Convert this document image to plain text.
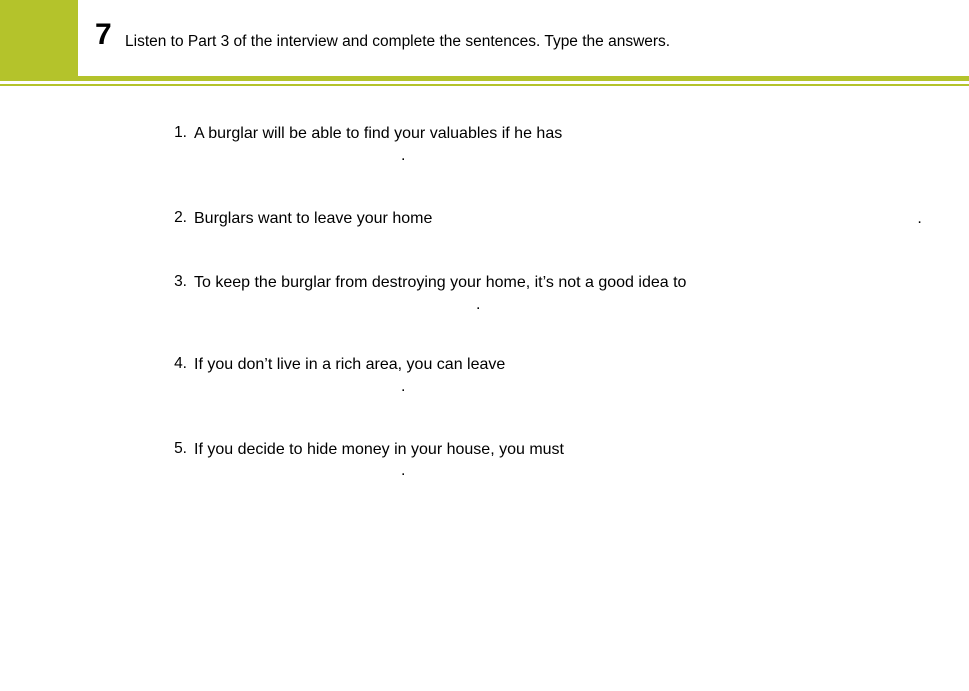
7 Listen to Part 3 of the interview and complete the sentences. Type the answers.
1. A burglar will be able to find your valuables if he has.
2. Burglars want to leave your home	.
3. To keep the burglar from destroying your home, it’s not a good idea to
.
4. If you don’t live in a rich area, you can leave.
5. If you decide to hide money in your house, you must.
